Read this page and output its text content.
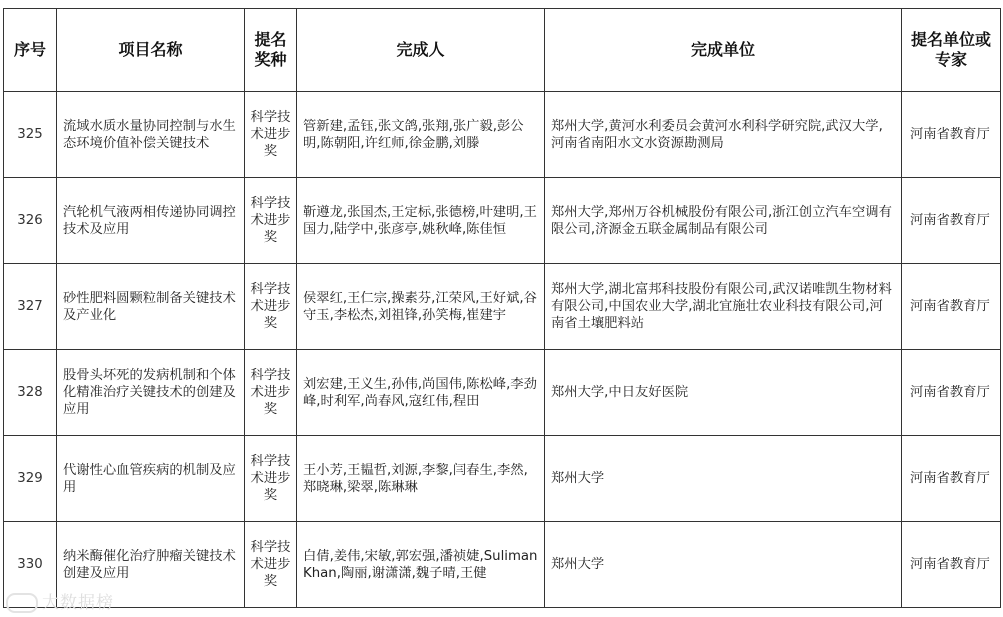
序号	项目名称	提名奖种	完成人	完成单位	提名单位或专家
325	流域水质水量协同控制与水生态环境价值补偿关键技术	科学技术进步奖	管新建,孟钰,张文鸽,张翔,张广毅,彭公明,陈朝阳,许红师,徐金鹏,刘滕	郑州大学,黄河水利委员会黄河水利科学研究院,武汉大学,河南省南阳水文水资源勘测局	河南省教育厅
326	汽轮机气液两相传递协同调控技术及应用	科学技术进步奖	靳遵龙,张国杰,王定标,张德榜,叶建明,王国力,陆学中,张彦亭,姚秋峰,陈佳恒	郑州大学,郑州万谷机械股份有限公司,浙江创立汽车空调有限公司,济源金五联金属制品有限公司	河南省教育厅
327	砂性肥料圆颗粒制备关键技术及产业化	科学技术进步奖	侯翠红,王仁宗,操素芬,江荣风,王好斌,谷守玉,李松杰,刘祖锋,孙笑梅,崔建宇	郑州大学,湖北富邦科技股份有限公司,武汉诺唯凯生物材料有限公司,中国农业大学,湖北宜施壮农业科技有限公司,河南省土壤肥料站	河南省教育厅
328	股骨头坏死的发病机制和个体化精准治疗关键技术的创建及应用	科学技术进步奖	刘宏建,王义生,孙伟,尚国伟,陈松峰,李劲峰,时利军,尚春风,寇红伟,程田	郑州大学,中日友好医院	河南省教育厅
329	代谢性心血管疾病的机制及应用	科学技术进步奖	王小芳,王韫哲,刘源,李黎,闫春生,李然,郑晓琳,梁翠,陈琳琳	郑州大学	河南省教育厅
330	纳米酶催化治疗肿瘤关键技术创建及应用	科学技术进步奖	白倩,姜伟,宋敏,郭宏强,潘祯婕,Suliman Khan,陶丽,谢潇潇,魏子晴,王健	郑州大学	河南省教育厅
大数据榜
